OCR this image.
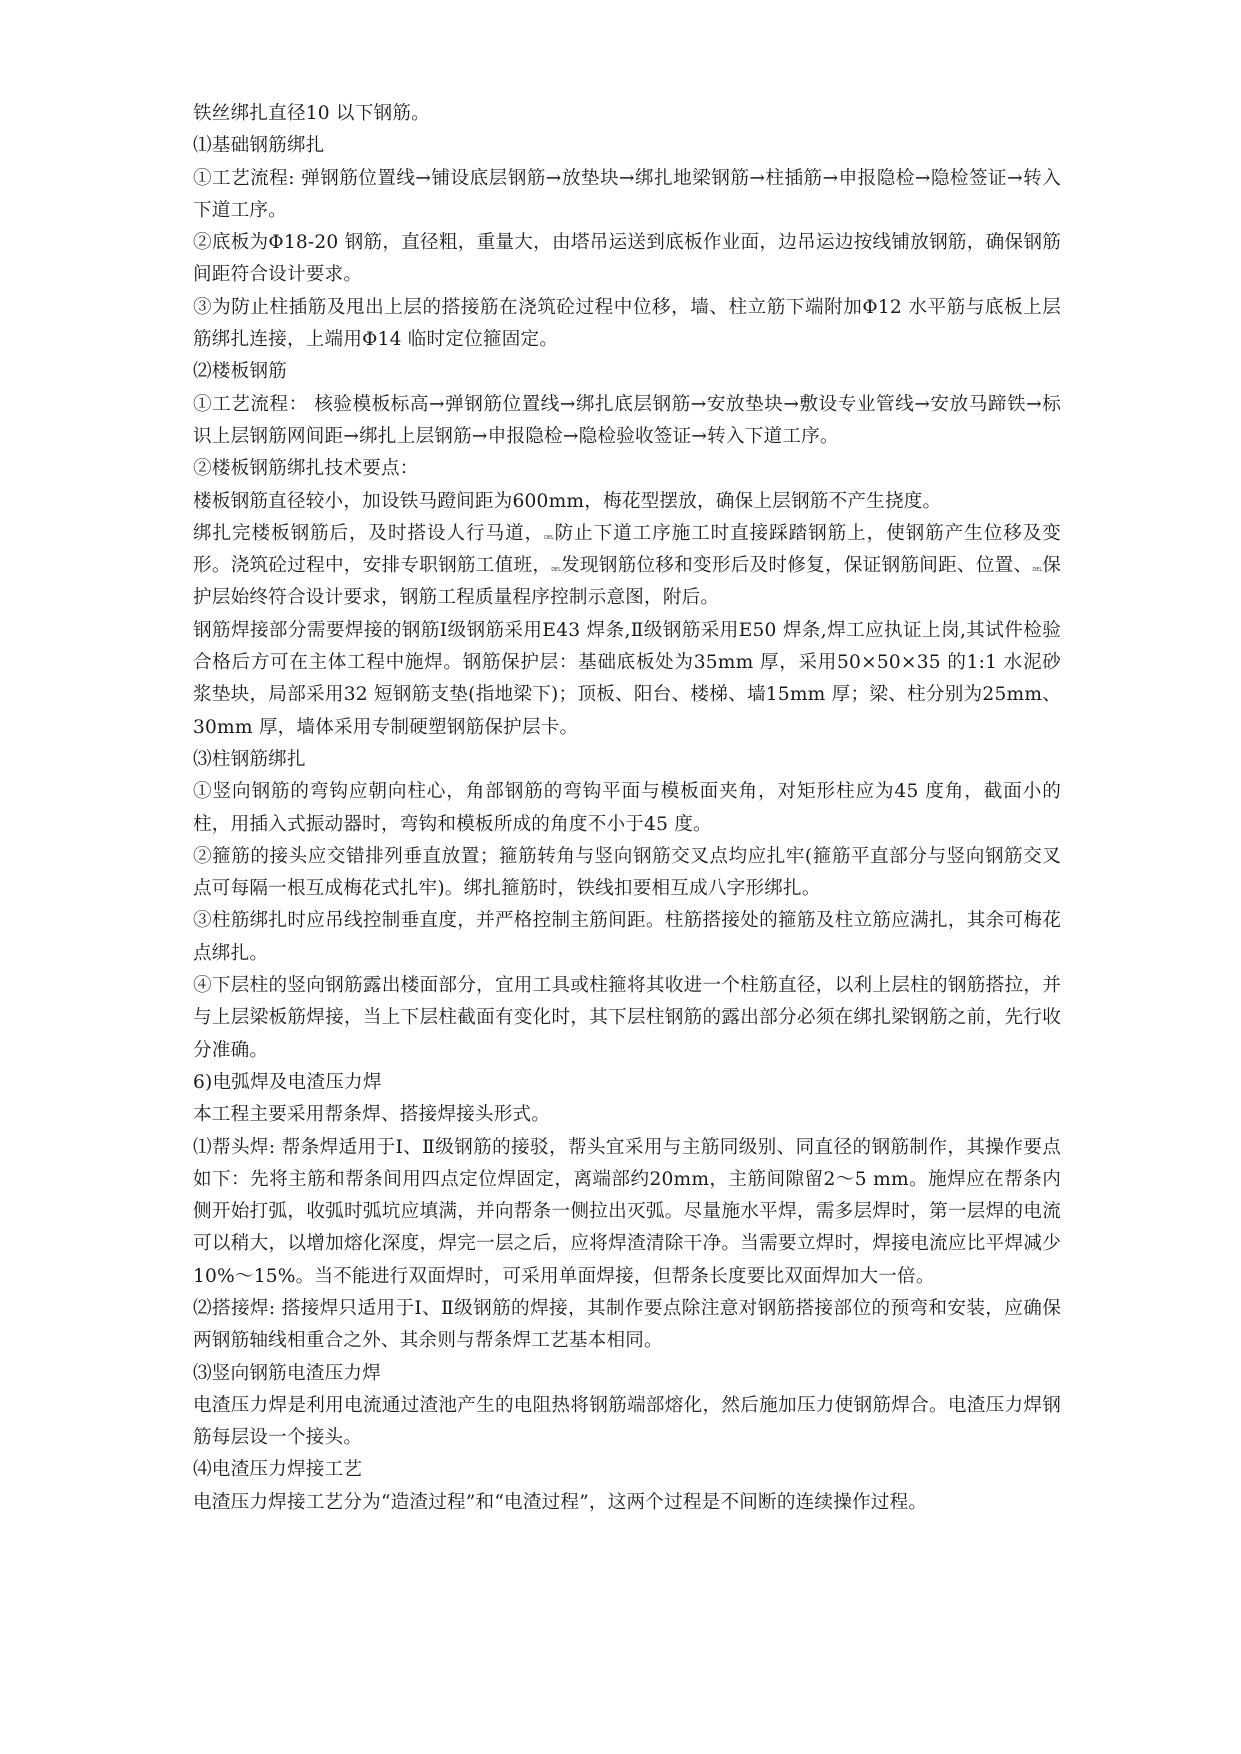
铁丝绑扎直径10 以下钢筋。

⑴基础钢筋绑扎

①工艺流程: 弹钢筋位置线→铺设底层钢筋→放垫块→绑扎地梁钢筋→柱插筋→申报隐检→隐检签证→转入下道工序。

②底板为Φ18-20 钢筋，直径粗，重量大，由塔吊运送到底板作业面，边吊运边按线铺放钢筋，确保钢筋间距符合设计要求。

③为防止柱插筋及甩出上层的搭接筋在浇筑砼过程中位移，墙、柱立筋下端附加Φ12 水平筋与底板上层筋绑扎连接，上端用Φ14 临时定位箍固定。

⑵楼板钢筋

①工艺流程： 核验模板标高→弹钢筋位置线→绑扎底层钢筋→安放垫块→敷设专业管线→安放马蹄铁→标识上层钢筋网间距→绑扎上层钢筋→申报隐检→隐检验收签证→转入下道工序。

②楼板钢筋绑扎技术要点：

楼板钢筋直径较小，加设铁马蹬间距为600mm，梅花型摆放，确保上层钢筋不产生挠度。

绑扎完楼板钢筋后，及时搭设人行马道，DEL防止下道工序施工时直接踩踏钢筋上，使钢筋产生位移及变形。浇筑砼过程中，安排专职钢筋工值班，DEL发现钢筋位移和变形后及时修复，保证钢筋间距、位置、DEL保护层始终符合设计要求，钢筋工程质量程序控制示意图，附后。

钢筋焊接部分需要焊接的钢筋Ⅰ级钢筋采用E43 焊条,Ⅱ级钢筋采用E50 焊条,焊工应执证上岗,其试件检验合格后方可在主体工程中施焊。钢筋保护层：基础底板处为35mm 厚，采用50×50×35 的1:1 水泥砂浆垫块，局部采用32 短钢筋支垫(指地梁下)；顶板、阳台、楼梯、墙15mm 厚；梁、柱分别为25mm、30mm 厚，墙体采用专制硬塑钢筋保护层卡。

⑶柱钢筋绑扎

①竖向钢筋的弯钩应朝向柱心，角部钢筋的弯钩平面与模板面夹角，对矩形柱应为45 度角，截面小的柱，用插入式振动器时，弯钩和模板所成的角度不小于45 度。

②箍筋的接头应交错排列垂直放置；箍筋转角与竖向钢筋交叉点均应扎牢(箍筋平直部分与竖向钢筋交叉点可每隔一根互成梅花式扎牢)。绑扎箍筋时，铁线扣要相互成八字形绑扎。

③柱筋绑扎时应吊线控制垂直度，并严格控制主筋间距。柱筋搭接处的箍筋及柱立筋应满扎，其余可梅花点绑扎。

④下层柱的竖向钢筋露出楼面部分，宜用工具或柱箍将其收进一个柱筋直径，以利上层柱的钢筋搭拉，并与上层梁板筋焊接，当上下层柱截面有变化时，其下层柱钢筋的露出部分必须在绑扎梁钢筋之前，先行收分准确。

6)电弧焊及电渣压力焊

本工程主要采用帮条焊、搭接焊接头形式。

⑴帮头焊: 帮条焊适用于Ⅰ、Ⅱ级钢筋的接驳，帮头宜采用与主筋同级别、同直径的钢筋制作，其操作要点如下：先将主筋和帮条间用四点定位焊固定，离端部约20mm，主筋间隙留2～5 mm。施焊应在帮条内侧开始打弧，收弧时弧坑应填满，并向帮条一侧拉出灭弧。尽量施水平焊，需多层焊时，第一层焊的电流可以稍大，以增加熔化深度，焊完一层之后，应将焊渣清除干净。当需要立焊时，焊接电流应比平焊减少10%～15%。当不能进行双面焊时，可采用单面焊接，但帮条长度要比双面焊加大一倍。

⑵搭接焊: 搭接焊只适用于Ⅰ、Ⅱ级钢筋的焊接，其制作要点除注意对钢筋搭接部位的预弯和安装，应确保两钢筋轴线相重合之外、其余则与帮条焊工艺基本相同。

⑶竖向钢筋电渣压力焊

电渣压力焊是利用电流通过渣池产生的电阻热将钢筋端部熔化，然后施加压力使钢筋焊合。电渣压力焊钢筋每层设一个接头。

⑷电渣压力焊接工艺

电渣压力焊接工艺分为“造渣过程”和“电渣过程”，这两个过程是不间断的连续操作过程。
